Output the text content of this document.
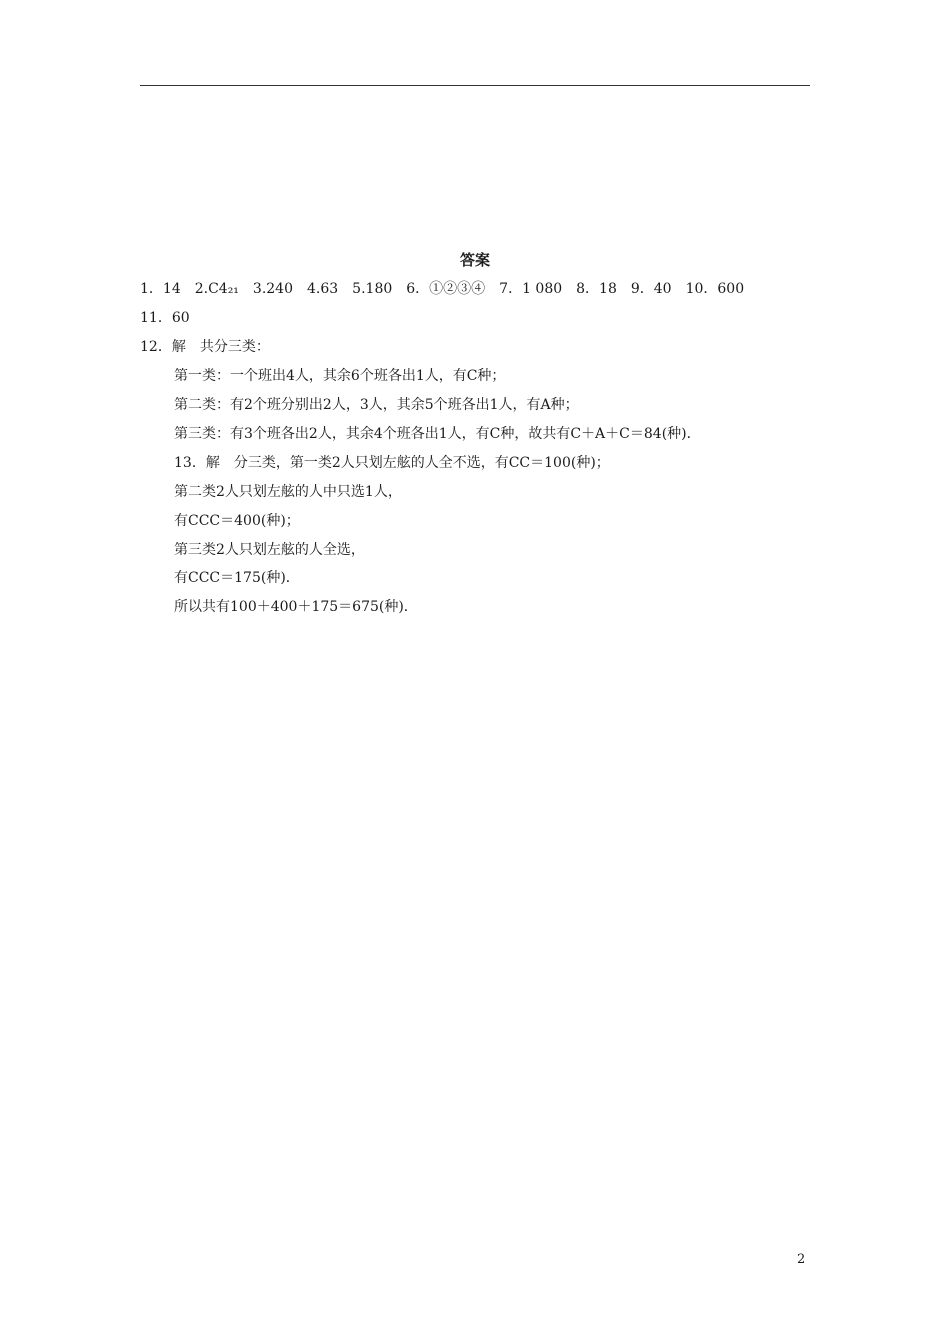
答案
1．14　2.C4₂₁　3.240　4.63　5.180　6．①②③④　7．1 080　8．18　9．40　10．600
11．60
12．解　共分三类：
第一类：一个班出4人，其余6个班各出1人，有C种；
第二类：有2个班分别出2人，3人，其余5个班各出1人，有A种；
第三类：有3个班各出2人，其余4个班各出1人，有C种，故共有C＋A＋C＝84(种)．
13．解　分三类，第一类2人只划左舷的人全不选，有CC＝100(种)；
第二类2人只划左舷的人中只选1人，
有CCC＝400(种)；
第三类2人只划左舷的人全选，
有CCC＝175(种)．
所以共有100＋400＋175＝675(种)．
2
